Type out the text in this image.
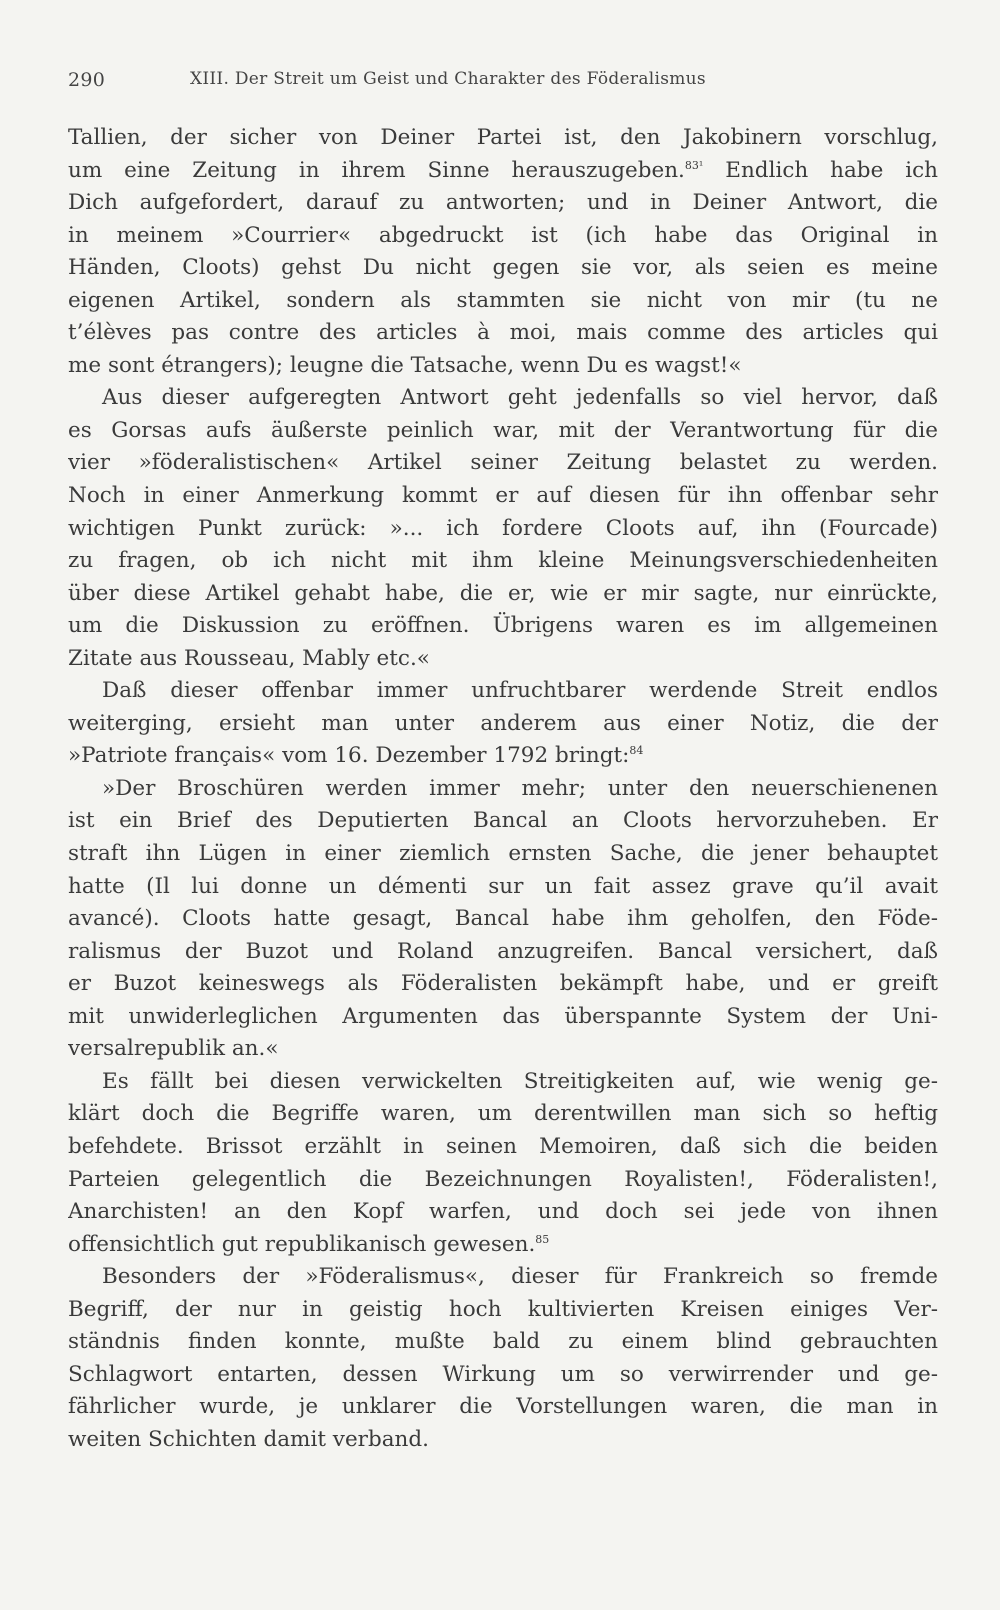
290	XIII. Der Streit um Geist und Charakter des Föderalismus
Tallien, der sicher von Deiner Partei ist, den Jakobinern vorschlug,
um eine Zeitung in ihrem Sinne herauszugeben.$^{83^1}$ Endlich habe ich
Dich aufgefordert, darauf zu antworten; und in Deiner Antwort, die
in meinem »Courrier« abgedruckt ist (ich habe das Original in
Händen, Cloots) gehst Du nicht gegen sie vor, als seien es meine
eigenen Artikel, sondern als stammten sie nicht von mir (tu ne
t’élèves pas contre des articles à moi, mais comme des articles qui
me sont étrangers); leugne die Tatsache, wenn Du es wagst!«
Aus dieser aufgeregten Antwort geht jedenfalls so viel hervor, daß
es Gorsas aufs äußerste peinlich war, mit der Verantwortung für die
vier »föderalistischen« Artikel seiner Zeitung belastet zu werden.
Noch in einer Anmerkung kommt er auf diesen für ihn offenbar sehr
wichtigen Punkt zurück: »... ich fordere Cloots auf, ihn (Fourcade)
zu fragen, ob ich nicht mit ihm kleine Meinungsverschiedenheiten
über diese Artikel gehabt habe, die er, wie er mir sagte, nur einrückte,
um die Diskussion zu eröffnen. Übrigens waren es im allgemeinen
Zitate aus Rousseau, Mably etc.«
Daß dieser offenbar immer unfruchtbarer werdende Streit endlos
weiterging, ersieht man unter anderem aus einer Notiz, die der
»Patriote français« vom 16. Dezember 1792 bringt:$^{84}$
»Der Broschüren werden immer mehr; unter den neuerschienenen
ist ein Brief des Deputierten Bancal an Cloots hervorzuheben. Er
straft ihn Lügen in einer ziemlich ernsten Sache, die jener behauptet
hatte (Il lui donne un démenti sur un fait assez grave qu’il avait
avancé). Cloots hatte gesagt, Bancal habe ihm geholfen, den Föde-
ralismus der Buzot und Roland anzugreifen. Bancal versichert, daß
er Buzot keineswegs als Föderalisten bekämpft habe, und er greift
mit unwiderleglichen Argumenten das überspannte System der Uni-
versalrepublik an.«
Es fällt bei diesen verwickelten Streitigkeiten auf, wie wenig ge-
klärt doch die Begriffe waren, um derentwillen man sich so heftig
befehdete. Brissot erzählt in seinen Memoiren, daß sich die beiden
Parteien gelegentlich die Bezeichnungen Royalisten!, Föderalisten!,
Anarchisten! an den Kopf warfen, und doch sei jede von ihnen
offensichtlich gut republikanisch gewesen.$^{85}$
Besonders der »Föderalismus«, dieser für Frankreich so fremde
Begriff, der nur in geistig hoch kultivierten Kreisen einiges Ver-
ständnis finden konnte, mußte bald zu einem blind gebrauchten
Schlagwort entarten, dessen Wirkung um so verwirrender und ge-
fährlicher wurde, je unklarer die Vorstellungen waren, die man in
weiten Schichten damit verband.
